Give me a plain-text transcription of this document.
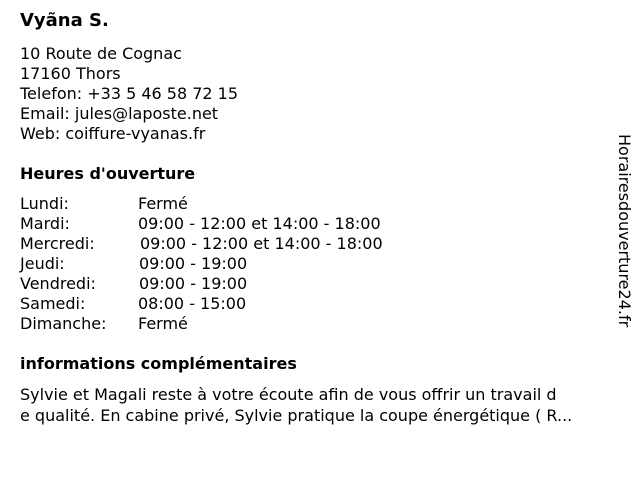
Vyãna S.
10 Route de Cognac
17160 Thors
Telefon: +33 5 46 58 72 15
Email: jules@laposte.net
Web: coiffure-vyanas.fr
Heures d'ouverture
Lundi:	Fermé
Mardi:	09:00 - 12:00 et 14:00 - 18:00
Mercredi:	09:00 - 12:00 et 14:00 - 18:00
Jeudi:	09:00 - 19:00
Vendredi:	09:00 - 19:00
Samedi:	08:00 - 15:00
Dimanche: Fermé
informations complémentaires
Sylvie et Magali reste à votre écoute afin de vous offrir un travail d
e qualité. En cabine privé, Sylvie pratique la coupe énergétique ( R...
Horairesdouverture24.fr
